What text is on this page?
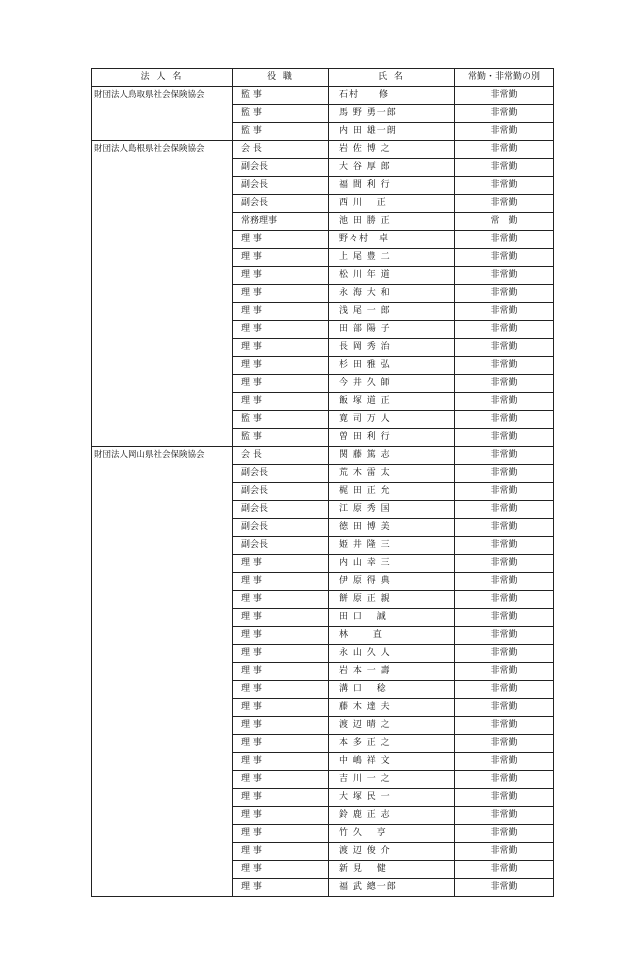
法 人 名	役 職	氏 名	常勤・非常勤の別
財団法人鳥取県社会保険協会	監 事	石村　　修	非常勤
	監 事	馬 野 勇一郎	非常勤
	監 事	内 田 雄一朗	非常勤
財団法人島根県社会保険協会	会 長	岩 佐 博 之	非常勤
	副会長	大 谷 厚 郎	非常勤
	副会長	福 間 利 行	非常勤
	副会長	西 川　 正	非常勤
	常務理事	池 田 勝 正	常　勤
	理 事	野々村　卓	非常勤
	理 事	上 尾 豊 二	非常勤
	理 事	松 川 年 道	非常勤
	理 事	永 海 大 和	非常勤
	理 事	浅 尾 一 郎	非常勤
	理 事	田 部 陽 子	非常勤
	理 事	長 岡 秀 治	非常勤
	理 事	杉 田 雅 弘	非常勤
	理 事	今 井 久 師	非常勤
	理 事	飯 塚 道 正	非常勤
	監 事	寛 司 万 人	非常勤
	監 事	曽 田 利 行	非常勤
財団法人岡山県社会保険協会	会 長	関 藤 篤 志	非常勤
	副会長	荒 木 雷 太	非常勤
	副会長	梶 田 正 允	非常勤
	副会長	江 原 秀 国	非常勤
	副会長	徳 田 博 美	非常勤
	副会長	姫 井 隆 三	非常勤
	理 事	内 山 幸 三	非常勤
	理 事	伊 原 得 典	非常勤
	理 事	餅 原 正 親	非常勤
	理 事	田 口　 誠	非常勤
	理 事	林　　 直	非常勤
	理 事	永 山 久 人	非常勤
	理 事	岩 本 一 壽	非常勤
	理 事	溝 口　 稔	非常勤
	理 事	藤 木 達 夫	非常勤
	理 事	渡 辺 晴 之	非常勤
	理 事	本 多 正 之	非常勤
	理 事	中 嶋 祥 文	非常勤
	理 事	吉 川 一 之	非常勤
	理 事	大 塚 民 一	非常勤
	理 事	鈴 鹿 正 志	非常勤
	理 事	竹 久　 亨	非常勤
	理 事	渡 辺 俊 介	非常勤
	理 事	新 見　 健	非常勤
	理 事	福 武 總一郎	非常勤
